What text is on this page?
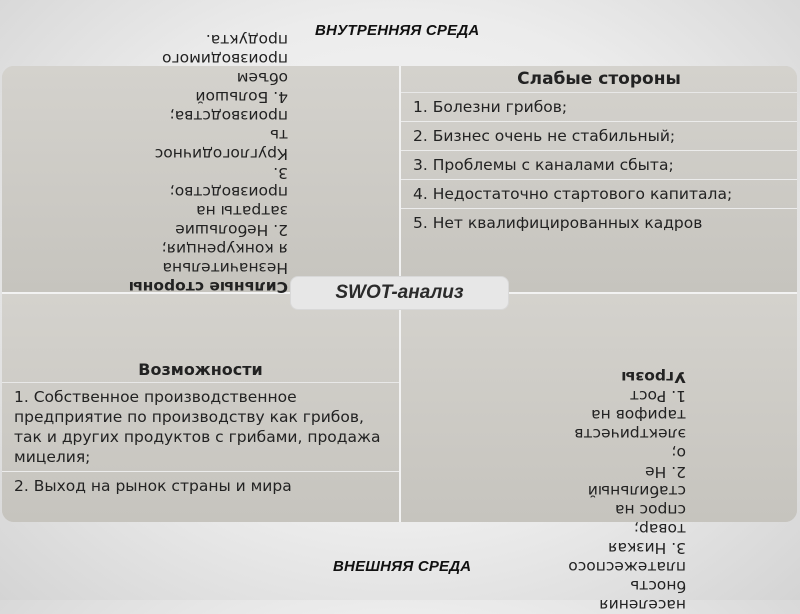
ВНУТРЕННЯЯ СРЕДА
Слабые стороны
1. Болезни грибов;
2. Бизнес очень не стабильный;
3. Проблемы с каналами сбыта;
4. Недостаточно стартового капитала;
5. Нет квалифицированных кадров
Возможности
1. Собственное производственное предприятие по производству как грибов, так и других продуктов с грибами, продажа мицелия;
2. Выход на рынок страны и мира
Сильные стороны
Незначительна
я конкуренция;
2. Небольшие
затраты на
производство;
3.
Круглогодичнос
ть
производства;
4. Большой
объем
производимого
продукта.
населения
бность
платежеспосо
3. Низкая
товар;
спрос на
стабильный
2. Не
о;
электричеств
тарифов на
1. Рост
Угрозы
SWOT-анализ
ВНЕШНЯЯ СРЕДА
